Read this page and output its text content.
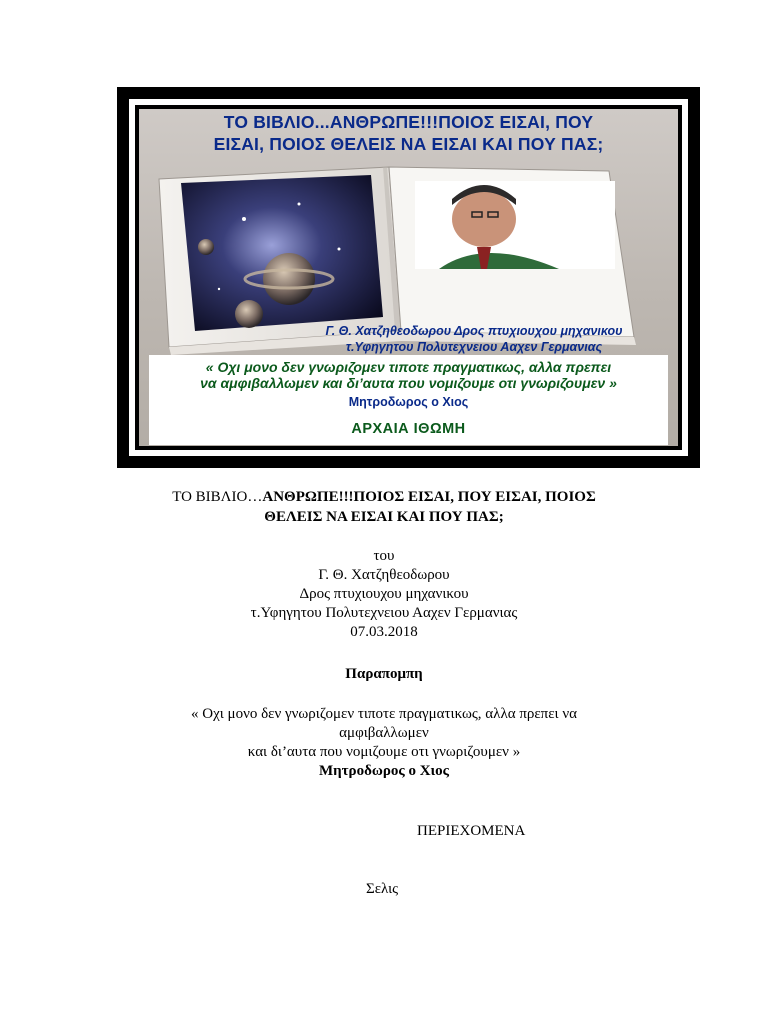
ΤΟ ΒΙΒΛΙΟ...ΑΝΘΡΩΠΕ!!!ΠΟΙΟΣ ΕΙΣΑΙ, ΠΟΥ
ΕΙΣΑΙ, ΠΟΙΟΣ ΘΕΛΕΙΣ ΝΑ ΕΙΣΑΙ ΚΑΙ ΠΟΥ ΠΑΣ;
Γ. Θ. Χατζηθεοδωρου Δρος πτυχιουχου μηχανικου
τ.Υφηγητου Πολυτεχνειου Ααχεν Γερμανιας
« Οχι μονο δεν γνωριζομεν τιποτε πραγματικως, αλλα πρεπει
να αμφιβαλλωμεν και δι’αυτα που νομιζουμε οτι γνωριζουμεν »
Μητροδωρος ο Χιος
ΑΡΧΑΙΑ ΙΘΩΜΗ
ΤΟ ΒΙΒΛΙΟ…ΑΝΘΡΩΠΕ!!!ΠΟΙΟΣ ΕΙΣΑΙ, ΠΟΥ ΕΙΣΑΙ, ΠΟΙΟΣ
ΘΕΛΕΙΣ ΝΑ ΕΙΣΑΙ ΚΑΙ ΠΟΥ ΠΑΣ;
του
Γ. Θ. Χατζηθεοδωρου
Δρος πτυχιουχου μηχανικου
τ.Υφηγητου Πολυτεχνειου Ααχεν Γερμανιας
07.03.2018
Παραπομπη
« Οχι μονο δεν γνωριζομεν τιποτε πραγματικως, αλλα πρεπει να
αμφιβαλλωμεν
και δι’αυτα που νομιζουμε οτι γνωριζουμεν »
Μητροδωρος ο Χιος
ΠΕΡΙΕΧΟΜΕΝΑ
Σελις
